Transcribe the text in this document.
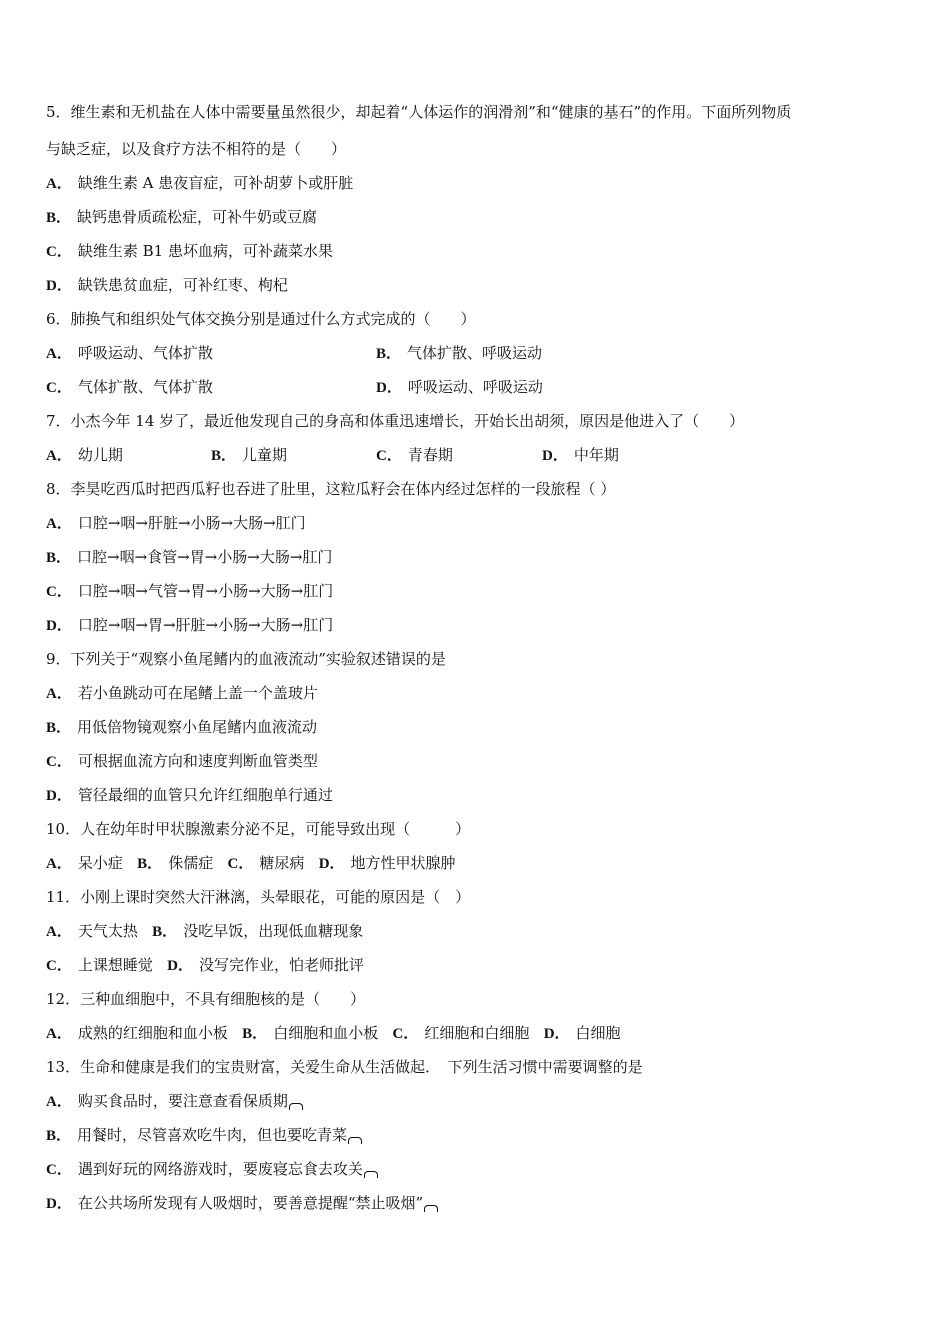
5．维生素和无机盐在人体中需要量虽然很少，却起着“人体运作的润滑剂”和“健康的基石”的作用。下面所列物质
与缺乏症，以及食疗方法不相符的是（　　）
A． 缺维生素 A 患夜盲症，可补胡萝卜或肝脏
B． 缺钙患骨质疏松症，可补牛奶或豆腐
C． 缺维生素 B1 患坏血病，可补蔬菜水果
D． 缺铁患贫血症，可补红枣、枸杞
6．肺换气和组织处气体交换分别是通过什么方式完成的（　　）
A． 呼吸运动、气体扩散	B． 气体扩散、呼吸运动
C． 气体扩散、气体扩散	D． 呼吸运动、呼吸运动
7．小杰今年 14 岁了，最近他发现自己的身高和体重迅速增长，开始长出胡须，原因是他进入了（　　）
A． 幼儿期	B． 儿童期	C． 青春期	D． 中年期
8．李昊吃西瓜时把西瓜籽也吞进了肚里，这粒瓜籽会在体内经过怎样的一段旅程（ ）
A． 口腔→咽→肝脏→小肠→大肠→肛门
B． 口腔→咽→食管→胃→小肠→大肠→肛门
C． 口腔→咽→气管→胃→小肠→大肠→肛门
D． 口腔→咽→胃→肝脏→小肠→大肠→肛门
9．下列关于“观察小鱼尾鳍内的血液流动”实验叙述错误的是
A． 若小鱼跳动可在尾鳍上盖一个盖玻片
B． 用低倍物镜观察小鱼尾鳍内血液流动
C． 可根据血流方向和速度判断血管类型
D． 管径最细的血管只允许红细胞单行通过
10．人在幼年时甲状腺激素分泌不足，可能导致出现（　　　）
A． 呆小症 B． 侏儒症 C． 糖尿病 D． 地方性甲状腺肿
11．小刚上课时突然大汗淋漓，头晕眼花，可能的原因是（　）
A． 天气太热 B． 没吃早饭，出现低血糖现象
C． 上课想睡觉 D． 没写完作业，怕老师批评
12．三种血细胞中，不具有细胞核的是（　　）
A． 成熟的红细胞和血小板 B． 白细胞和血小板 C． 红细胞和白细胞 D． 白细胞
13．生命和健康是我们的宝贵财富，关爱生命从生活做起．　下列生活习惯中需要调整的是
A． 购买食品时，要注意查看保质期
B． 用餐时，尽管喜欢吃牛肉，但也要吃青菜
C． 遇到好玩的网络游戏时，要废寝忘食去攻关
D． 在公共场所发现有人吸烟时，要善意提醒“禁止吸烟”
